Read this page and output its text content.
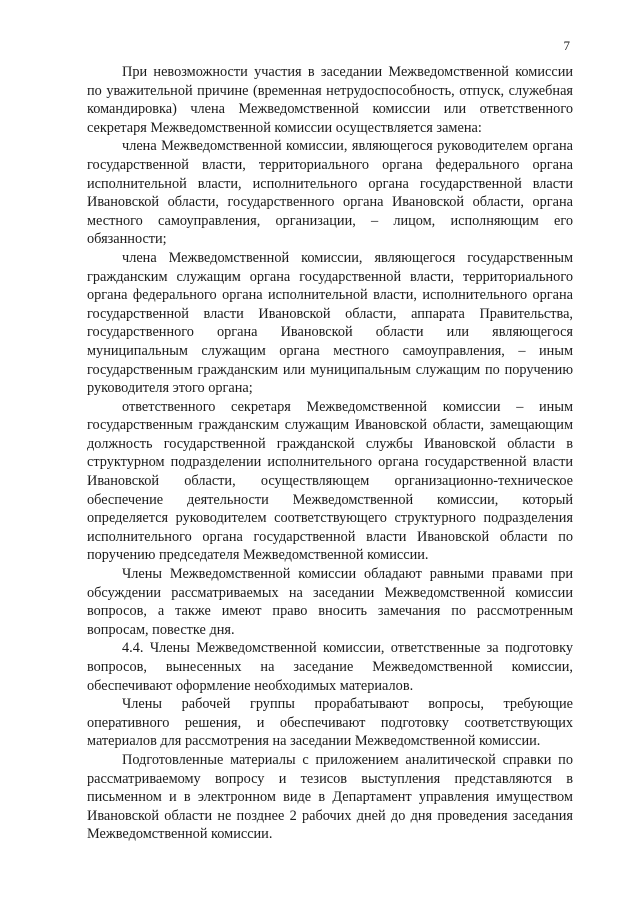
7

При невозможности участия в заседании Межведомственной комиссии по уважительной причине (временная нетрудоспособность, отпуск, служебная командировка) члена Межведомственной комиссии или ответственного секретаря Межведомственной комиссии осуществляется замена:

члена Межведомственной комиссии, являющегося руководителем органа государственной власти, территориального органа федерального органа исполнительной власти, исполнительного органа государственной власти Ивановской области, государственного органа Ивановской области, органа местного самоуправления, организации, – лицом, исполняющим его обязанности;

члена Межведомственной комиссии, являющегося государственным гражданским служащим органа государственной власти, территориального органа федерального органа исполнительной власти, исполнительного органа государственной власти Ивановской области, аппарата Правительства, государственного органа Ивановской области или являющегося муниципальным служащим органа местного самоуправления, – иным государственным гражданским или муниципальным служащим по поручению руководителя этого органа;

ответственного секретаря Межведомственной комиссии – иным государственным гражданским служащим Ивановской области, замещающим должность государственной гражданской службы Ивановской области в структурном подразделении исполнительного органа государственной власти Ивановской области, осуществляющем организационно-техническое обеспечение деятельности Межведомственной комиссии, который определяется руководителем соответствующего структурного подразделения исполнительного органа государственной власти Ивановской области по поручению председателя Межведомственной комиссии.

Члены Межведомственной комиссии обладают равными правами при обсуждении рассматриваемых на заседании Межведомственной комиссии вопросов, а также имеют право вносить замечания по рассмотренным вопросам, повестке дня.

4.4. Члены Межведомственной комиссии, ответственные за подготовку вопросов, вынесенных на заседание Межведомственной комиссии, обеспечивают оформление необходимых материалов.

Члены рабочей группы прорабатывают вопросы, требующие оперативного решения, и обеспечивают подготовку соответствующих материалов для рассмотрения на заседании Межведомственной комиссии.

Подготовленные материалы с приложением аналитической справки по рассматриваемому вопросу и тезисов выступления представляются в письменном и в электронном виде в Департамент управления имуществом Ивановской области не позднее 2 рабочих дней до дня проведения заседания Межведомственной комиссии.
